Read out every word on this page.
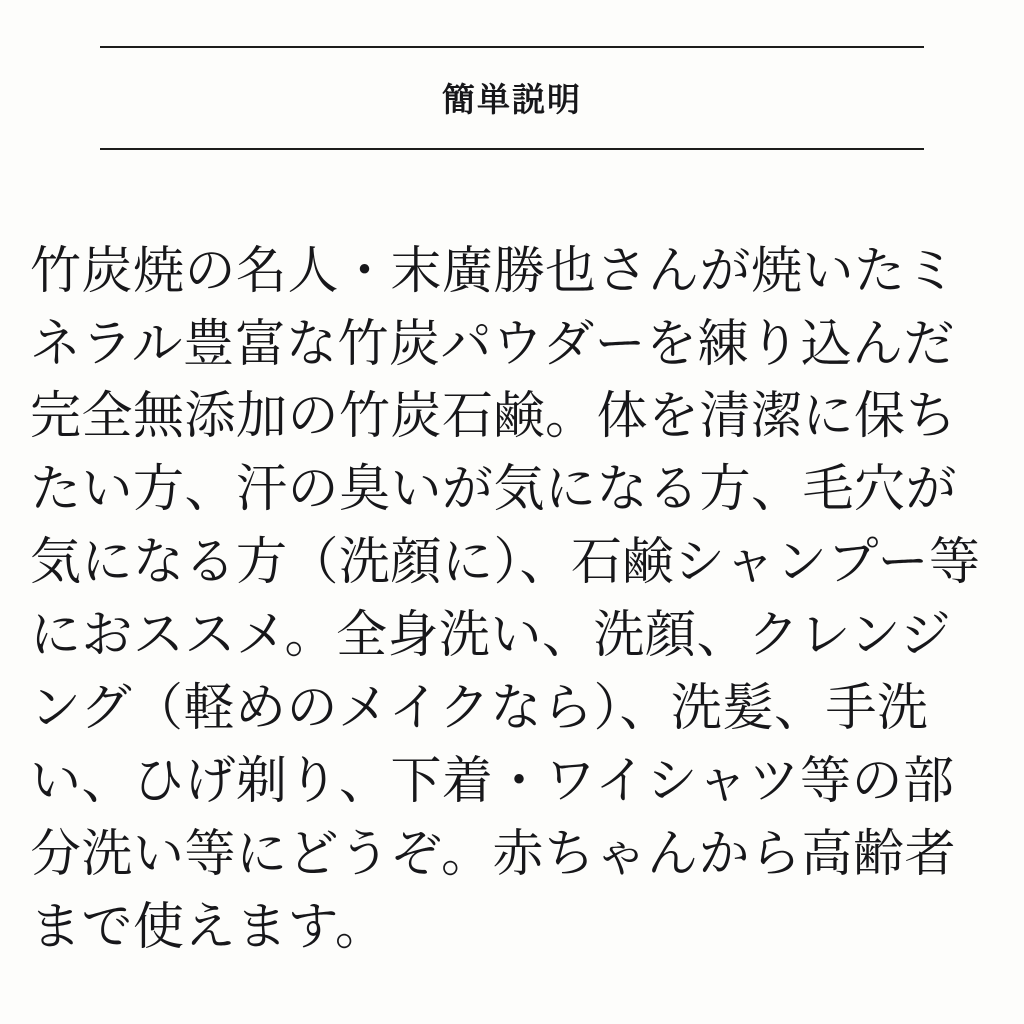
簡単説明

竹炭焼の名人・末廣勝也さんが焼いたミネラル豊富な竹炭パウダーを練り込んだ完全無添加の竹炭石鹸。体を清潔に保ちたい方、汗の臭いが気になる方、毛穴が気になる方（洗顔に）、石鹸シャンプー等におススメ。全身洗い、洗顔、クレンジング（軽めのメイクなら）、洗髪、手洗い、ひげ剃り、下着・ワイシャツ等の部分洗い等にどうぞ。赤ちゃんから高齢者まで使えます。
